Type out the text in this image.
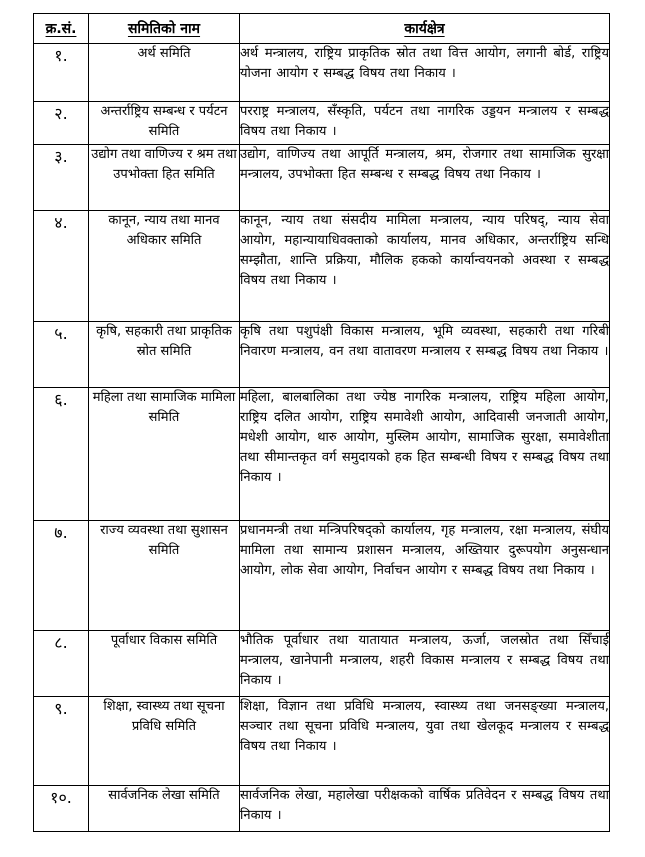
क्र.सं.	समितिको नाम	कार्यक्षेत्र
१.	अर्थ समिति	अर्थ मन्त्रालय, राष्ट्रिय प्राकृतिक स्रोत तथा वित्त आयोग, लगानी बोर्ड, राष्ट्रिय योजना आयोग र सम्बद्ध विषय तथा निकाय ।
२.	अन्तर्राष्ट्रिय सम्बन्ध र पर्यटन समिति	परराष्ट्र मन्त्रालय, सँस्कृति, पर्यटन तथा नागरिक उड्डयन मन्त्रालय र सम्बद्ध विषय तथा निकाय ।
३.	उद्योग तथा वाणिज्य र श्रम तथा उपभोक्ता हित समिति	उद्योग, वाणिज्य तथा आपूर्ति मन्त्रालय, श्रम, रोजगार तथा सामाजिक सुरक्षा मन्त्रालय, उपभोक्ता हित सम्बन्ध र सम्बद्ध विषय तथा निकाय ।
४.	कानून, न्याय तथा मानव अधिकार समिति	कानून, न्याय तथा संसदीय मामिला मन्त्रालय, न्याय परिषद्, न्याय सेवा आयोग, महान्यायाधिवक्ताको कार्यालय, मानव अधिकार, अन्तर्राष्ट्रिय सन्धि सम्झौता, शान्ति प्रक्रिया, मौलिक हकको कार्यान्वयनको अवस्था र सम्बद्ध विषय तथा निकाय ।
५.	कृषि, सहकारी तथा प्राकृतिक स्रोत समिति	कृषि तथा पशुपंक्षी विकास मन्त्रालय, भूमि व्यवस्था, सहकारी तथा गरिबी निवारण मन्त्रालय, वन तथा वातावरण मन्त्रालय र सम्बद्ध विषय तथा निकाय ।
६.	महिला तथा सामाजिक मामिला समिति	महिला, बालबालिका तथा ज्येष्ठ नागरिक मन्त्रालय, राष्ट्रिय महिला आयोग, राष्ट्रिय दलित आयोग, राष्ट्रिय समावेशी आयोग, आदिवासी जनजाती आयोग, मधेशी आयोग, थारु आयोग, मुस्लिम आयोग, सामाजिक सुरक्षा, समावेशीता तथा सीमान्तकृत वर्ग समुदायको हक हित सम्बन्धी विषय र सम्बद्ध विषय तथा निकाय ।
७.	राज्य व्यवस्था तथा सुशासन समिति	प्रधानमन्त्री तथा मन्त्रिपरिषद्को कार्यालय, गृह मन्त्रालय, रक्षा मन्त्रालय, संघीय मामिला तथा सामान्य प्रशासन मन्त्रालय, अख्तियार दुरूपयोग अनुसन्धान आयोग, लोक सेवा आयोग, निर्वाचन आयोग र सम्बद्ध विषय तथा निकाय ।
८.	पूर्वाधार विकास समिति	भौतिक पूर्वाधार तथा यातायात मन्त्रालय, ऊर्जा, जलस्रोत तथा सिँचाई मन्त्रालय, खानेपानी मन्त्रालय, शहरी विकास मन्त्रालय र सम्बद्ध विषय तथा निकाय ।
९.	शिक्षा, स्वास्थ्य तथा सूचना प्रविधि समिति	शिक्षा, विज्ञान तथा प्रविधि मन्त्रालय, स्वास्थ्य तथा जनसङ्ख्या मन्त्रालय, सञ्चार तथा सूचना प्रविधि मन्त्रालय, युवा तथा खेलकूद मन्त्रालय र सम्बद्ध विषय तथा निकाय ।
१०.	सार्वजनिक लेखा समिति	सार्वजनिक लेखा, महालेखा परीक्षकको वार्षिक प्रतिवेदन र सम्बद्ध विषय तथा निकाय ।
